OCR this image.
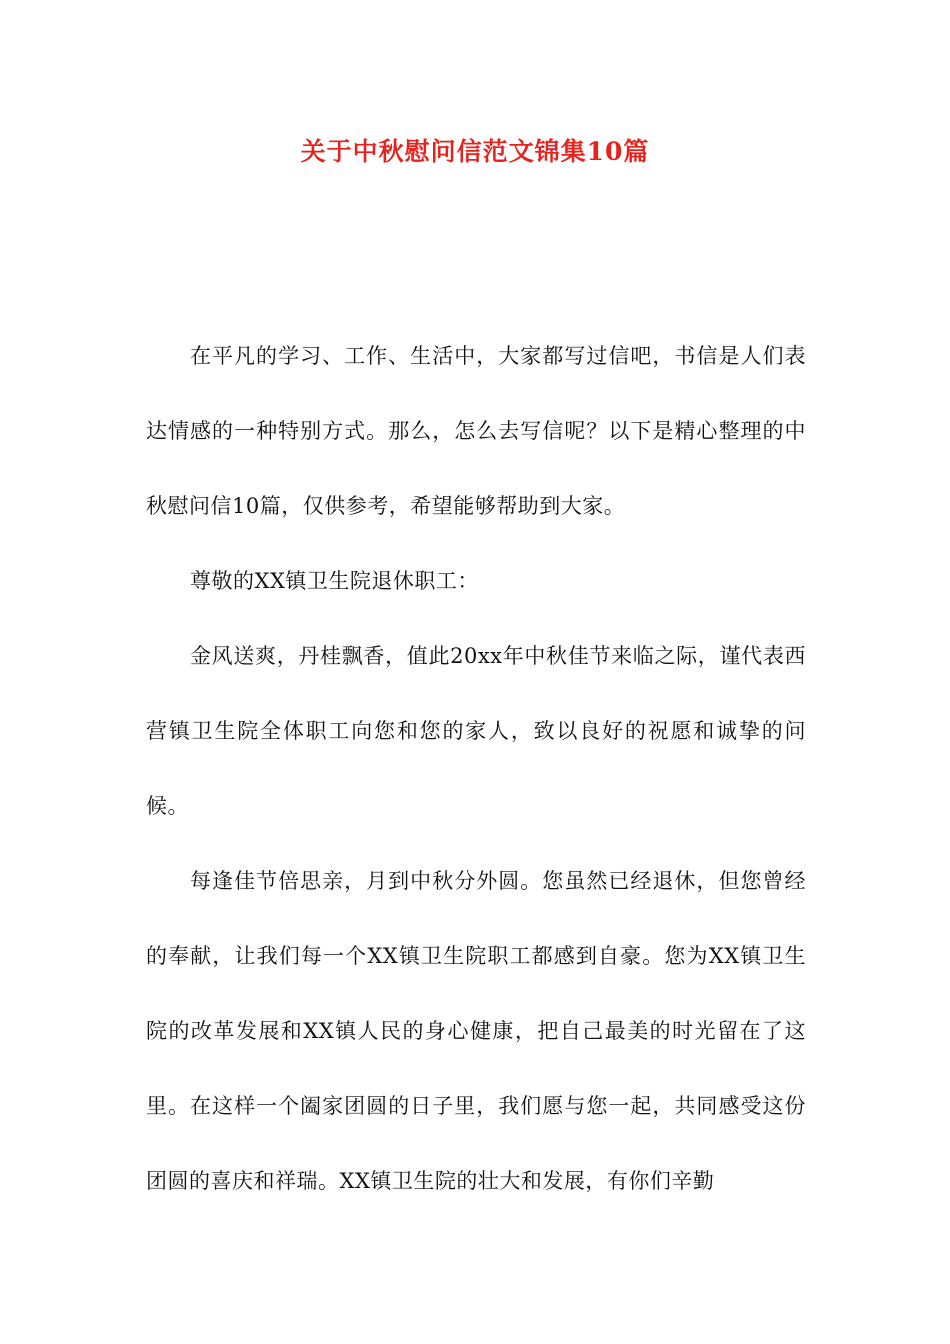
关于中秋慰问信范文锦集10篇

在平凡的学习、工作、生活中，大家都写过信吧，书信是人们表达情感的一种特别方式。那么，怎么去写信呢？以下是精心整理的中秋慰问信10篇，仅供参考，希望能够帮助到大家。

尊敬的XX镇卫生院退休职工：

金风送爽，丹桂飘香，值此20xx年中秋佳节来临之际，谨代表西营镇卫生院全体职工向您和您的家人，致以良好的祝愿和诚挚的问候。

每逢佳节倍思亲，月到中秋分外圆。您虽然已经退休，但您曾经的奉献，让我们每一个XX镇卫生院职工都感到自豪。您为XX镇卫生院的改革发展和XX镇人民的身心健康，把自己最美的时光留在了这里。在这样一个阖家团圆的日子里，我们愿与您一起，共同感受这份团圆的喜庆和祥瑞。XX镇卫生院的壮大和发展，有你们辛勤
